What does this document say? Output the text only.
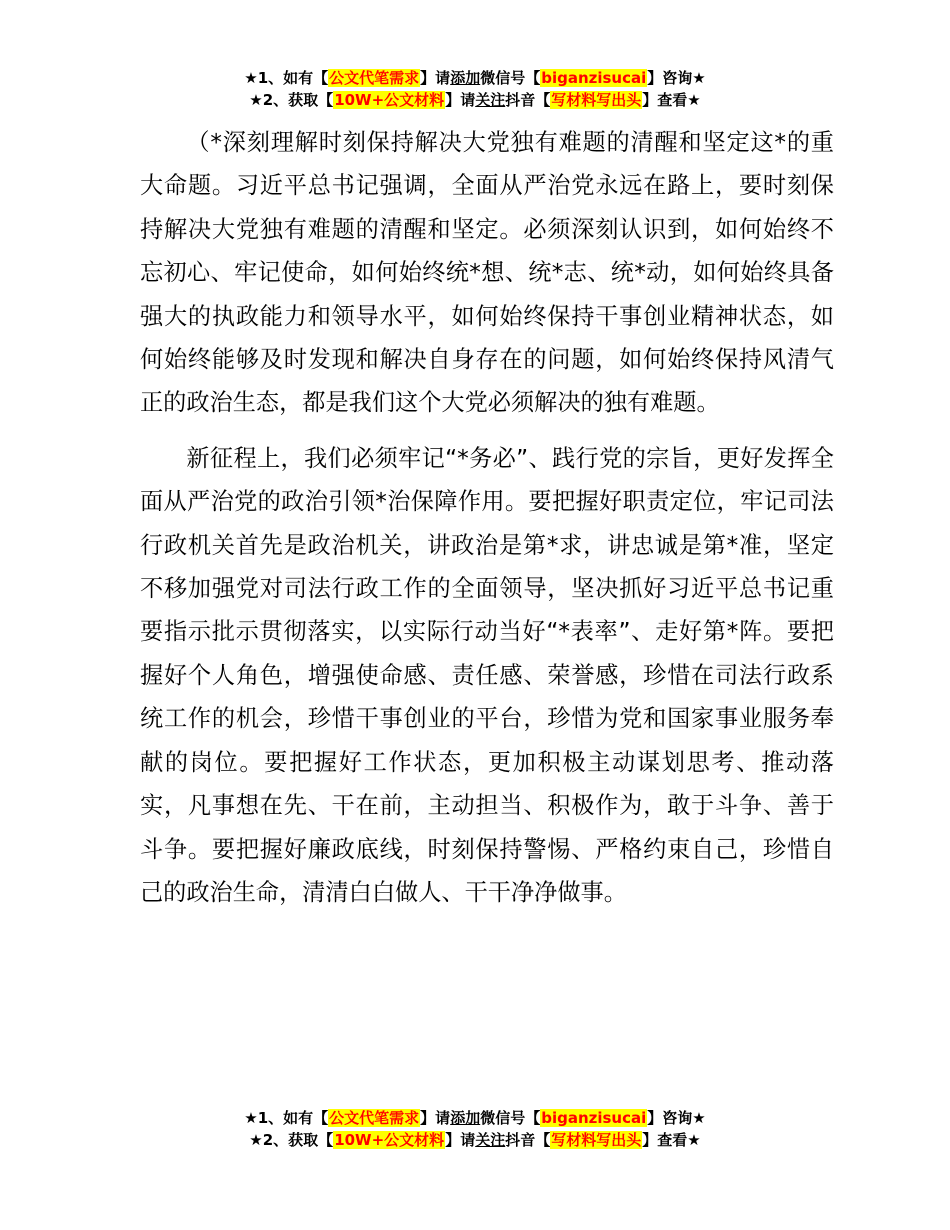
★1、如有【公文代笔需求】请添加微信号【biganzisucai】咨询★
★2、获取【10W+公文材料】请关注抖音【写材料写出头】查看★

（*深刻理解时刻保持解决大党独有难题的清醒和坚定这*的重大命题。习近平总书记强调，全面从严治党永远在路上，要时刻保持解决大党独有难题的清醒和坚定。必须深刻认识到，如何始终不忘初心、牢记使命，如何始终统*想、统*志、统*动，如何始终具备强大的执政能力和领导水平，如何始终保持干事创业精神状态，如何始终能够及时发现和解决自身存在的问题，如何始终保持风清气正的政治生态，都是我们这个大党必须解决的独有难题。

新征程上，我们必须牢记“*务必”、践行党的宗旨，更好发挥全面从严治党的政治引领*治保障作用。要把握好职责定位，牢记司法行政机关首先是政治机关，讲政治是第*求，讲忠诚是第*准，坚定不移加强党对司法行政工作的全面领导，坚决抓好习近平总书记重要指示批示贯彻落实，以实际行动当好“*表率”、走好第*阵。要把握好个人角色，增强使命感、责任感、荣誉感，珍惜在司法行政系统工作的机会，珍惜干事创业的平台，珍惜为党和国家事业服务奉献的岗位。要把握好工作状态，更加积极主动谋划思考、推动落实，凡事想在先、干在前，主动担当、积极作为，敢于斗争、善于斗争。要把握好廉政底线，时刻保持警惕、严格约束自己，珍惜自己的政治生命，清清白白做人、干干净净做事。

★1、如有【公文代笔需求】请添加微信号【biganzisucai】咨询★
★2、获取【10W+公文材料】请关注抖音【写材料写出头】查看★
